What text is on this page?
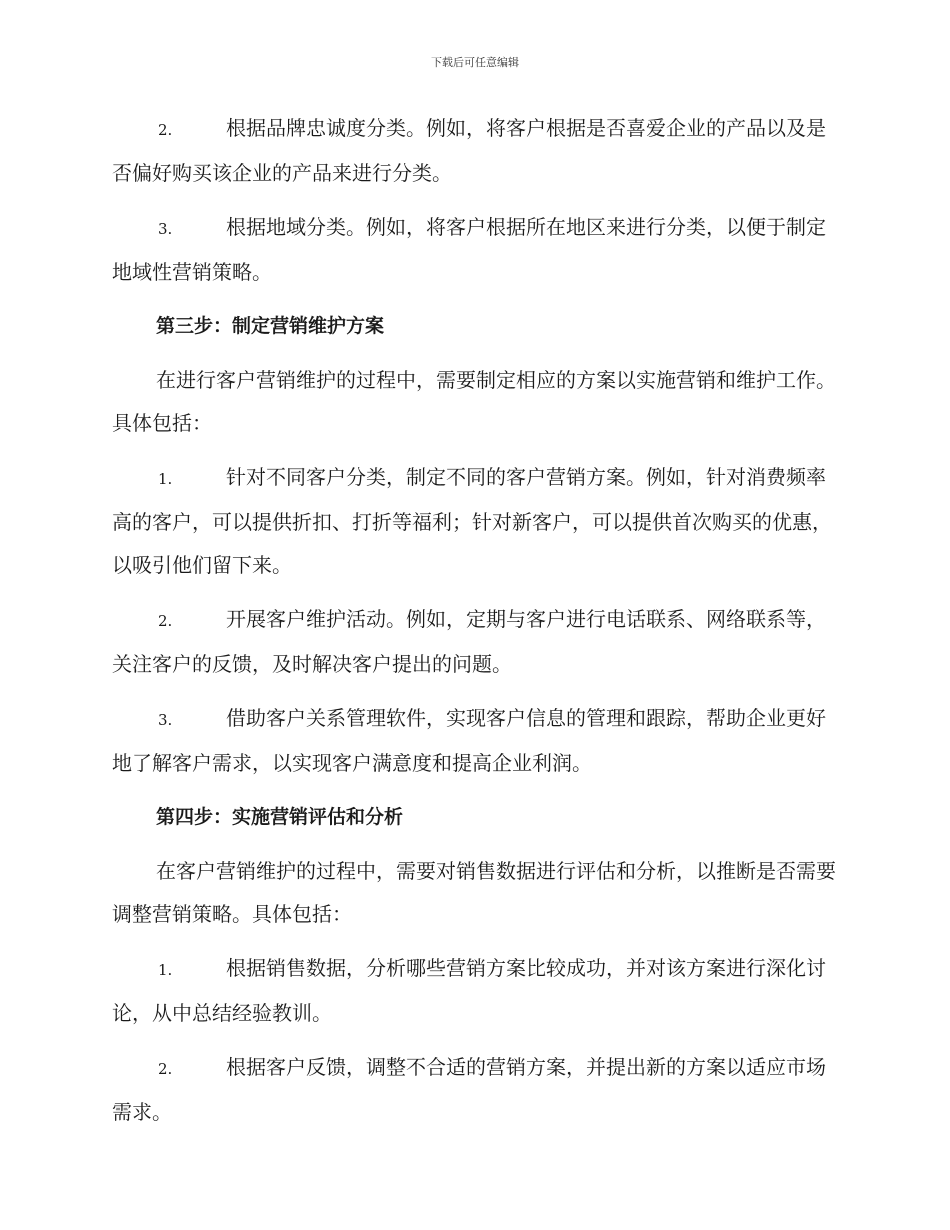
下载后可任意编辑
2.	根据品牌忠诚度分类。例如，将客户根据是否喜爱企业的产品以及是否偏好购买该企业的产品来进行分类。
3.	根据地域分类。例如，将客户根据所在地区来进行分类，以便于制定地域性营销策略。
第三步：制定营销维护方案
在进行客户营销维护的过程中，需要制定相应的方案以实施营销和维护工作。具体包括：
1.	针对不同客户分类，制定不同的客户营销方案。例如，针对消费频率高的客户，可以提供折扣、打折等福利；针对新客户，可以提供首次购买的优惠，以吸引他们留下来。
2.	开展客户维护活动。例如，定期与客户进行电话联系、网络联系等，关注客户的反馈，及时解决客户提出的问题。
3.	借助客户关系管理软件，实现客户信息的管理和跟踪，帮助企业更好地了解客户需求，以实现客户满意度和提高企业利润。
第四步：实施营销评估和分析
在客户营销维护的过程中，需要对销售数据进行评估和分析，以推断是否需要调整营销策略。具体包括：
1.	根据销售数据，分析哪些营销方案比较成功，并对该方案进行深化讨论，从中总结经验教训。
2.	根据客户反馈，调整不合适的营销方案，并提出新的方案以适应市场需求。
